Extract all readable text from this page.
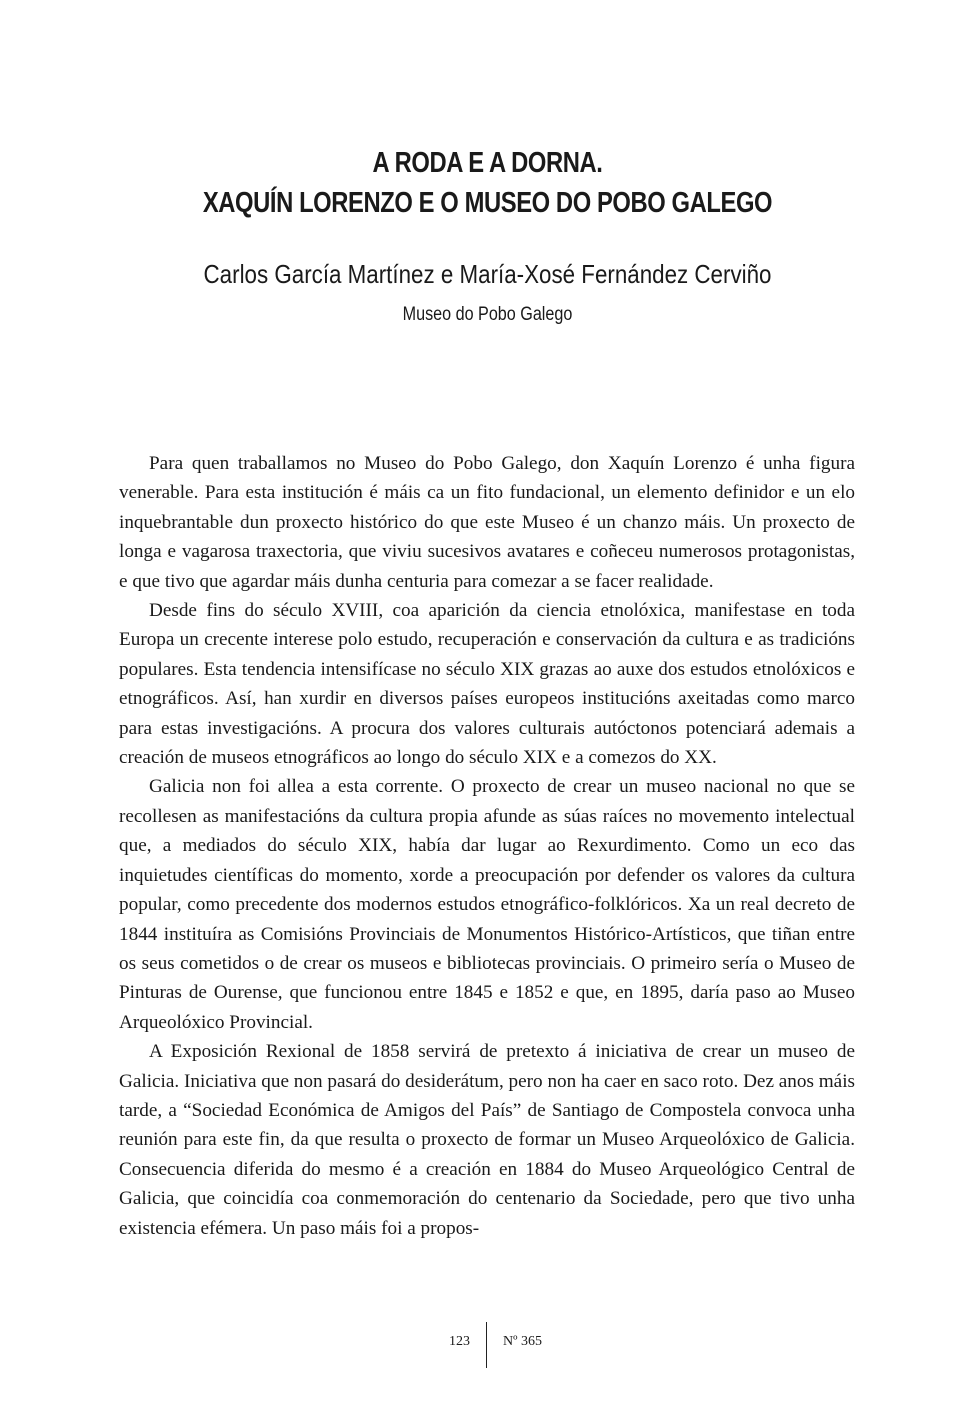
A RODA E A DORNA.
XAQUÍN LORENZO E O MUSEO DO POBO GALEGO
Carlos García Martínez e María-Xosé Fernández Cerviño
Museo do Pobo Galego

Para quen traballamos no Museo do Pobo Galego, don Xaquín Lorenzo é unha figura venerable. Para esta institución é máis ca un fito fundacional, un elemento definidor e un elo inquebrantable dun proxecto histórico do que este Museo é un chanzo máis. Un proxecto de longa e vagarosa traxectoria, que viviu sucesivos avatares e coñeceu numerosos protagonistas, e que tivo que agardar máis dunha centuria para comezar a se facer realidade.

Desde fins do século XVIII, coa aparición da ciencia etnolóxica, manifestase en toda Europa un crecente interese polo estudo, recuperación e conservación da cultura e as tradicións populares. Esta tendencia intensifícase no século XIX grazas ao auxe dos estudos etnolóxicos e etnográficos. Así, han xurdir en diversos países europeos institucións axeitadas como marco para estas investigacións. A procura dos valores culturais autóctonos potenciará ademais a creación de museos etnográficos ao longo do século XIX e a comezos do XX.

Galicia non foi allea a esta corrente. O proxecto de crear un museo nacional no que se recollesen as manifestacións da cultura propia afunde as súas raíces no movemento intelectual que, a mediados do século XIX, había dar lugar ao Rexurdimento. Como un eco das inquietudes científicas do momento, xorde a preocupación por defender os valores da cultura popular, como precedente dos modernos estudos etnográfico-folklóricos. Xa un real decreto de 1844 instituíra as Comisións Provinciais de Monumentos Histórico-Artísticos, que tiñan entre os seus cometidos o de crear os museos e bibliotecas provinciais. O primeiro sería o Museo de Pinturas de Ourense, que funcionou entre 1845 e 1852 e que, en 1895, daría paso ao Museo Arqueolóxico Provincial.

A Exposición Rexional de 1858 servirá de pretexto á iniciativa de crear un museo de Galicia. Iniciativa que non pasará do desiderátum, pero non ha caer en saco roto. Dez anos máis tarde, a “Sociedad Económica de Amigos del País” de Santiago de Compostela convoca unha reunión para este fin, da que resulta o proxecto de formar un Museo Arqueolóxico de Galicia. Consecuencia diferida do mesmo é a creación en 1884 do Museo Arqueológico Central de Galicia, que coincidía coa conmemoración do centenario da Sociedade, pero que tivo unha existencia efémera. Un paso máis foi a propos-

123 Nº 365
